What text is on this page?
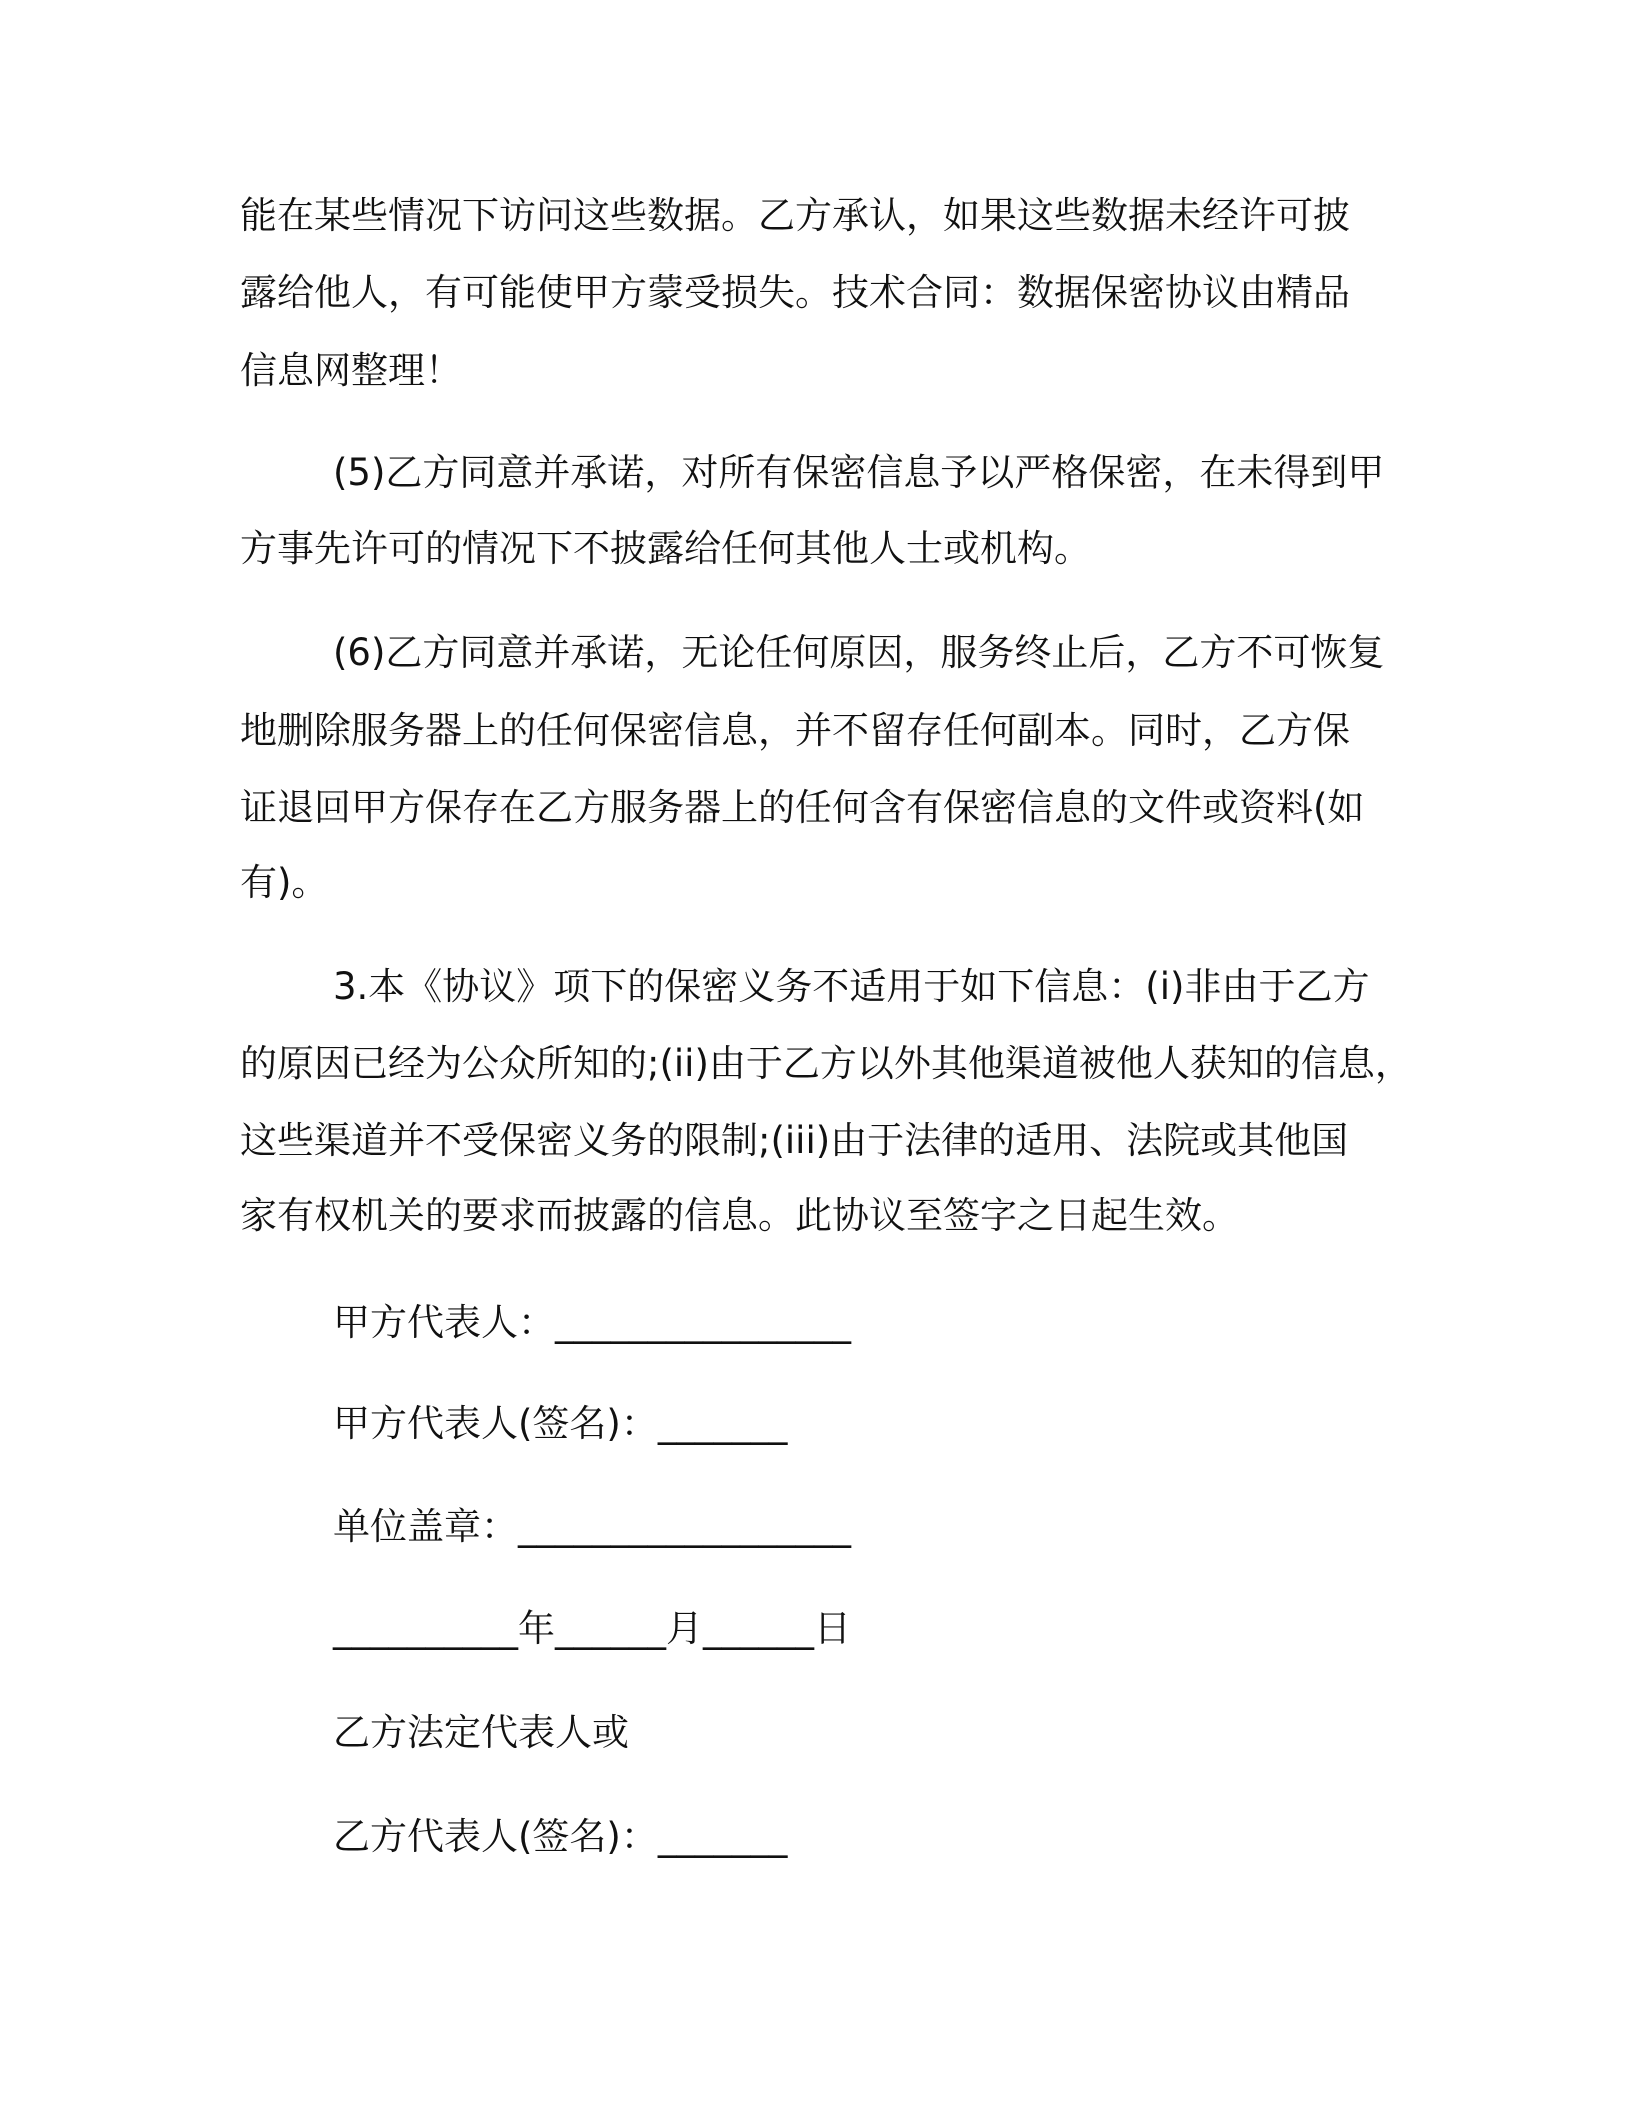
能在某些情况下访问这些数据。乙方承认，如果这些数据未经许可披
露给他人，有可能使甲方蒙受损失。技术合同：数据保密协议由精品
信息网整理！
(5)乙方同意并承诺，对所有保密信息予以严格保密，在未得到甲
方事先许可的情况下不披露给任何其他人士或机构。
(6)乙方同意并承诺，无论任何原因，服务终止后，乙方不可恢复
地删除服务器上的任何保密信息，并不留存任何副本。同时，乙方保
证退回甲方保存在乙方服务器上的任何含有保密信息的文件或资料(如
有)。
3.本《协议》项下的保密义务不适用于如下信息：(i)非由于乙方
的原因已经为公众所知的;(ii)由于乙方以外其他渠道被他人获知的信息，
这些渠道并不受保密义务的限制;(iii)由于法律的适用、法院或其他国
家有权机关的要求而披露的信息。此协议至签字之日起生效。
甲方代表人：________________
甲方代表人(签名)：_______
单位盖章：__________________
__________年______月______日
乙方法定代表人或
乙方代表人(签名)：_______
